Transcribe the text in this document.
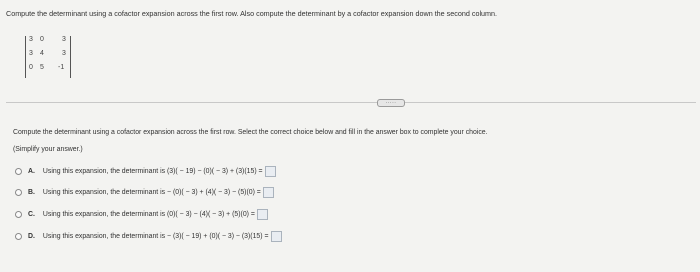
Compute the determinant using a cofactor expansion across the first row. Also compute the determinant by a cofactor expansion down the second column.
3 0	3
3 4	3
0 5 -1
·····
Compute the determinant using a cofactor expansion across the first row. Select the correct choice below and fill in the answer box to complete your choice.
(Simplify your answer.)
A. Using this expansion, the determinant is (3)( − 19) − (0)( − 3) + (3)(15) =
B. Using this expansion, the determinant is − (0)( − 3) + (4)( − 3) − (5)(0) =
C. Using this expansion, the determinant is (0)( − 3) − (4)( − 3) + (5)(0) =
D. Using this expansion, the determinant is − (3)( − 19) + (0)( − 3) − (3)(15) =
